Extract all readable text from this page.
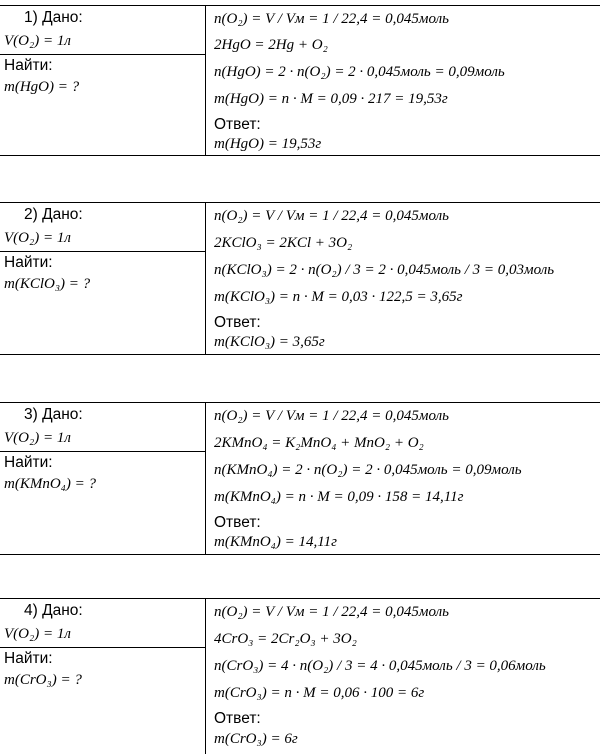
1) Дано:
V(O₂) = 1л
Найти:
m(HgO) = ?
n(O₂) = V / Vм = 1 / 22,4 = 0,045моль
2HgO = 2Hg + O₂
n(HgO) = 2 · n(O₂) = 2 · 0,045моль = 0,09моль
m(HgO) = n · M = 0,09 · 217 = 19,53г
Ответ:
m(HgO) = 19,53г
2) Дано:
V(O₂) = 1л
Найти:
m(KClO₃) = ?
n(O₂) = V / Vм = 1 / 22,4 = 0,045моль
2KClO₃ = 2KCl + 3O₂
n(KClO₃) = 2 · n(O₂) / 3 = 2 · 0,045моль / 3 = 0,03моль
m(KClO₃) = n · M = 0,03 · 122,5 = 3,65г
Ответ:
m(KClO₃) = 3,65г
3) Дано:
V(O₂) = 1л
Найти:
m(KMnO₄) = ?
n(O₂) = V / Vм = 1 / 22,4 = 0,045моль
2KMnO₄ = K₂MnO₄ + MnO₂ + O₂
n(KMnO₄) = 2 · n(O₂) = 2 · 0,045моль = 0,09моль
m(KMnO₄) = n · M = 0,09 · 158 = 14,11г
Ответ:
m(KMnO₄) = 14,11г
4) Дано:
V(O₂) = 1л
Найти:
m(CrO₃) = ?
n(O₂) = V / Vм = 1 / 22,4 = 0,045моль
4CrO₃ = 2Cr₂O₃ + 3O₂
n(CrO₃) = 4 · n(O₂) / 3 = 4 · 0,045моль / 3 = 0,06моль
m(CrO₃) = n · M = 0,06 · 100 = 6г
Ответ:
m(CrO₃) = 6г
